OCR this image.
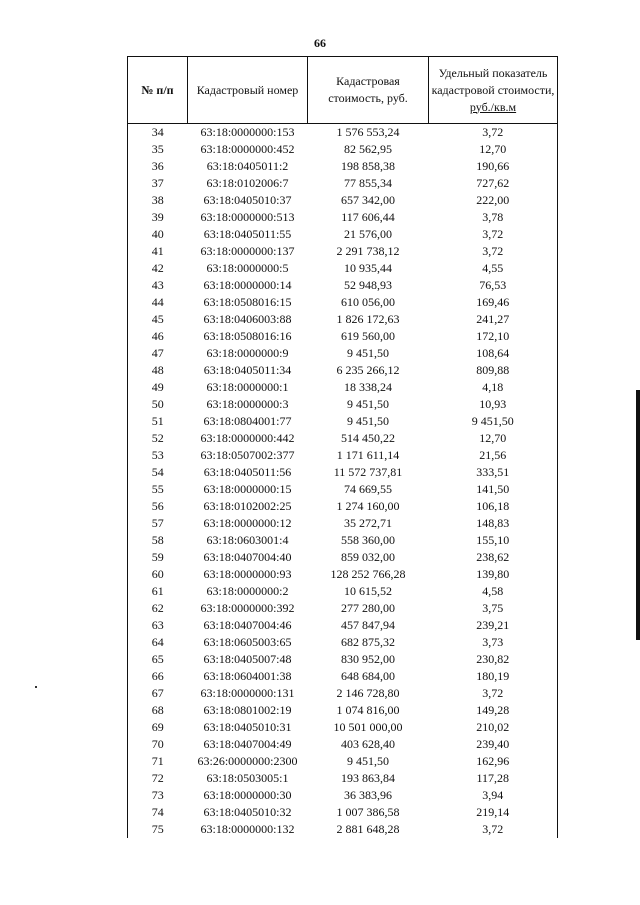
66
№ п/п	Кадастровый номер	Кадастровая стоимость, руб.	Удельный показатель кадастровой стоимости,
руб./кв.м
34	63:18:0000000:153	1 576 553,24	3,72
35	63:18:0000000:452	82 562,95	12,70
36	63:18:0405011:2	198 858,38	190,66
37	63:18:0102006:7	77 855,34	727,62
38	63:18:0405010:37	657 342,00	222,00
39	63:18:0000000:513	117 606,44	3,78
40	63:18:0405011:55	21 576,00	3,72
41	63:18:0000000:137	2 291 738,12	3,72
42	63:18:0000000:5	10 935,44	4,55
43	63:18:0000000:14	52 948,93	76,53
44	63:18:0508016:15	610 056,00	169,46
45	63:18:0406003:88	1 826 172,63	241,27
46	63:18:0508016:16	619 560,00	172,10
47	63:18:0000000:9	9 451,50	108,64
48	63:18:0405011:34	6 235 266,12	809,88
49	63:18:0000000:1	18 338,24	4,18
50	63:18:0000000:3	9 451,50	10,93
51	63:18:0804001:77	9 451,50	9 451,50
52	63:18:0000000:442	514 450,22	12,70
53	63:18:0507002:377	1 171 611,14	21,56
54	63:18:0405011:56	11 572 737,81	333,51
55	63:18:0000000:15	74 669,55	141,50
56	63:18:0102002:25	1 274 160,00	106,18
57	63:18:0000000:12	35 272,71	148,83
58	63:18:0603001:4	558 360,00	155,10
59	63:18:0407004:40	859 032,00	238,62
60	63:18:0000000:93	128 252 766,28	139,80
61	63:18:0000000:2	10 615,52	4,58
62	63:18:0000000:392	277 280,00	3,75
63	63:18:0407004:46	457 847,94	239,21
64	63:18:0605003:65	682 875,32	3,73
65	63:18:0405007:48	830 952,00	230,82
66	63:18:0604001:38	648 684,00	180,19
67	63:18:0000000:131	2 146 728,80	3,72
68	63:18:0801002:19	1 074 816,00	149,28
69	63:18:0405010:31	10 501 000,00	210,02
70	63:18:0407004:49	403 628,40	239,40
71	63:26:0000000:2300	9 451,50	162,96
72	63:18:0503005:1	193 863,84	117,28
73	63:18:0000000:30	36 383,96	3,94
74	63:18:0405010:32	1 007 386,58	219,14
75	63:18:0000000:132	2 881 648,28	3,72
